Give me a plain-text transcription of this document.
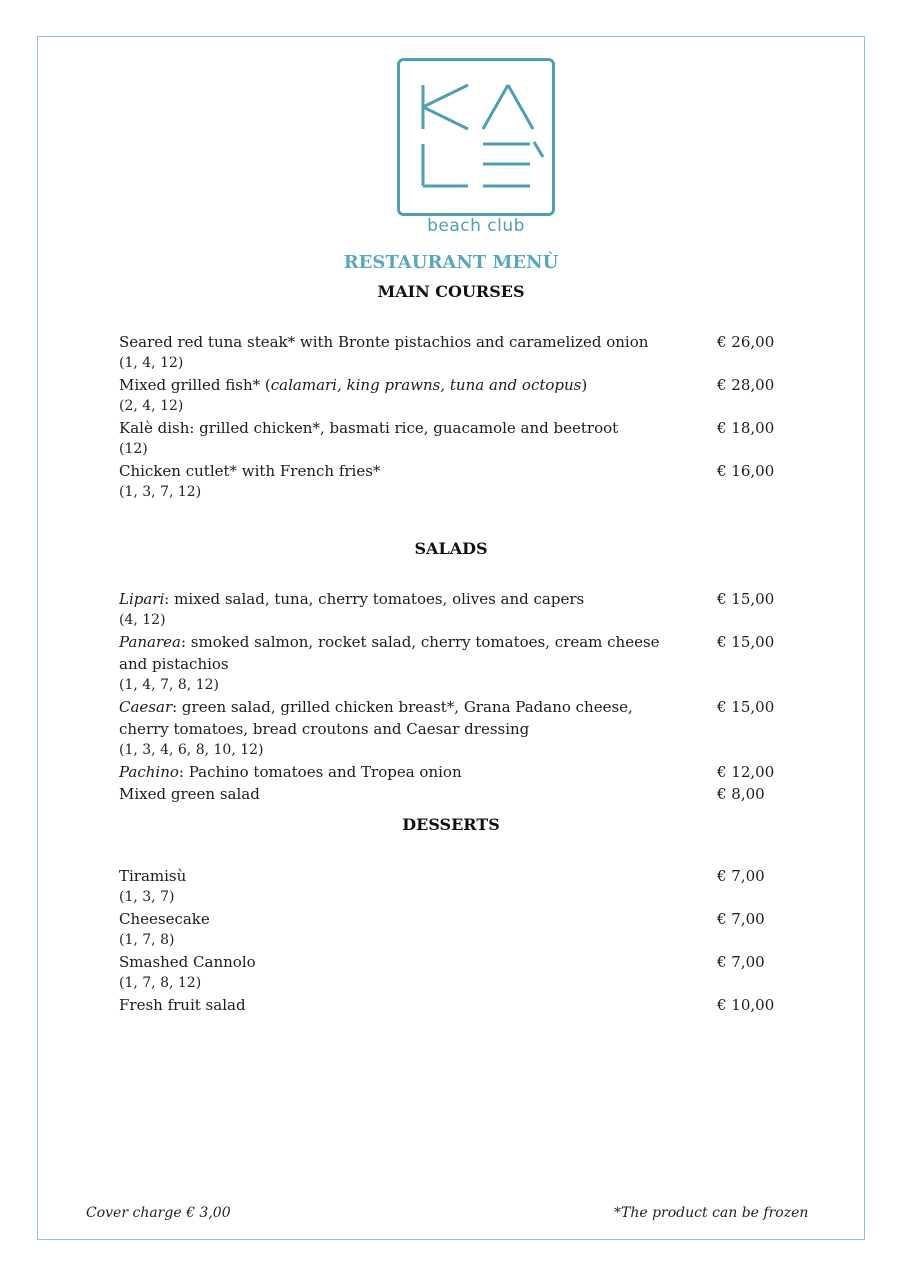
beach club
RESTAURANT MENÙ
MAIN COURSES
Seared red tuna steak* with Bronte pistachios and caramelized onion
(1, 4, 12)
€ 26,00
Mixed grilled fish* (calamari, king prawns, tuna and octopus)
(2, 4, 12)
€ 28,00
Kalè dish: grilled chicken*, basmati rice, guacamole and beetroot
(12)
€ 18,00
Chicken cutlet* with French fries*
(1, 3, 7, 12)
€ 16,00
SALADS
Lipari: mixed salad, tuna, cherry tomatoes, olives and capers
(4, 12)
€ 15,00
Panarea: smoked salmon, rocket salad, cherry tomatoes, cream cheese and pistachios
(1, 4, 7, 8, 12)
€ 15,00
Caesar: green salad, grilled chicken breast*, Grana Padano cheese, cherry tomatoes, bread croutons and Caesar dressing
(1, 3, 4, 6, 8, 10, 12)
€ 15,00
Pachino: Pachino tomatoes and Tropea onion	€ 12,00
Mixed green salad	€ 8,00
DESSERTS
Tiramisù
(1, 3, 7)
€ 7,00
Cheesecake
(1, 7, 8)
€ 7,00
Smashed Cannolo
(1, 7, 8, 12)
€ 7,00
Fresh fruit salad	€ 10,00
Cover charge € 3,00	*The product can be frozen
